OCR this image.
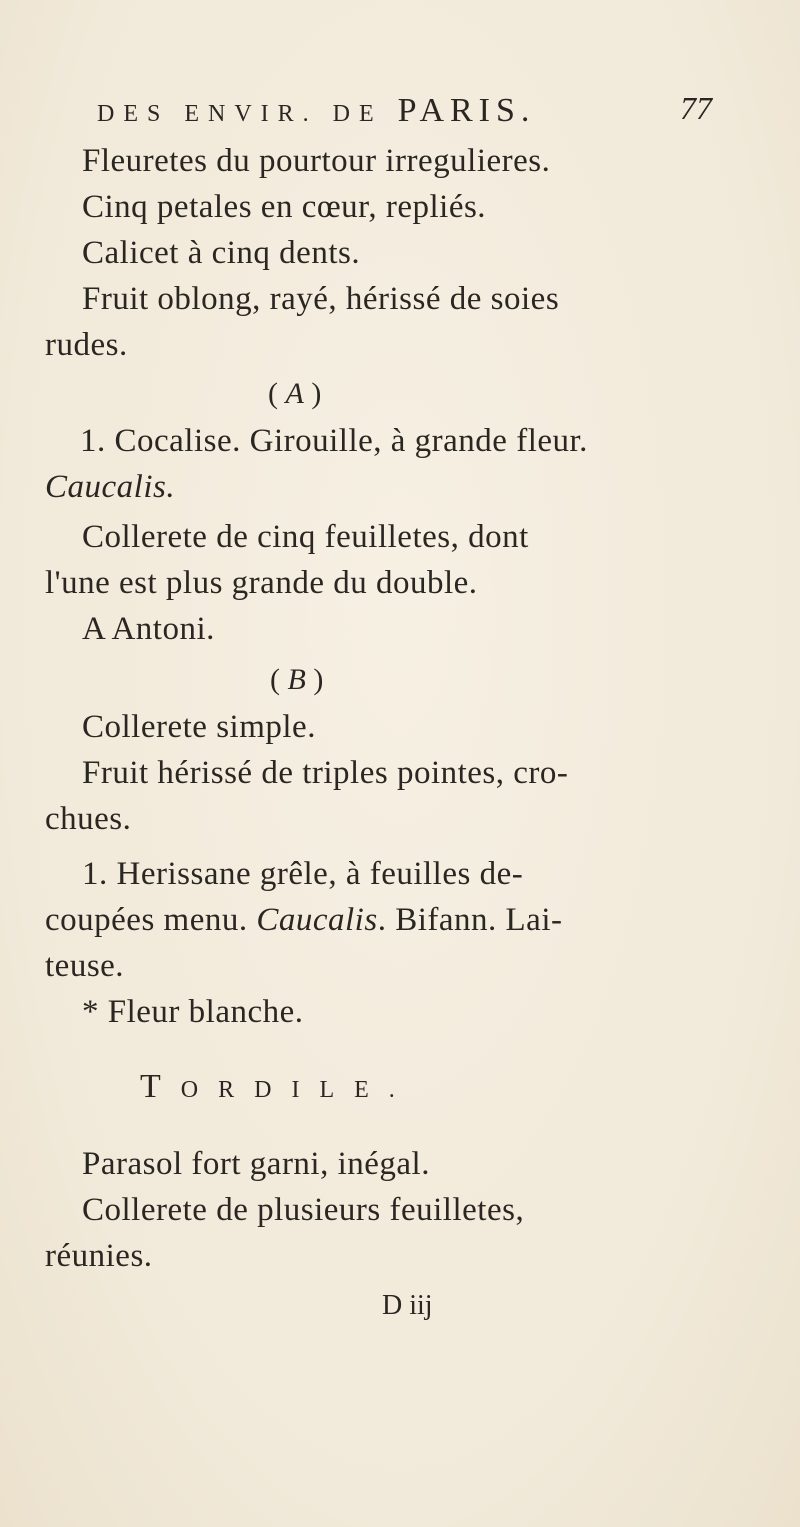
DES ENVIR. DE PARIS.	77
Fleuretes du pourtour irregulieres.
Cinq petales en cœur, repliés.
Calicet à cinq dents.
Fruit oblong, rayé, hérissé de soies
rudes.
( A )
1. Cocalise. Girouille, à grande fleur.
Caucalis.
Collerete de cinq feuilletes, dont
l'une est plus grande du double.
A Antoni.
( B )
Collerete simple.
Fruit hérissé de triples pointes, cro-
chues.
1. Herissane grêle, à feuilles de-
coupées menu. Caucalis. Bifann. Lai-
teuse.
* Fleur blanche.
TORDILE.
Parasol fort garni, inégal.
Collerete de plusieurs feuilletes,
réunies.
D iij
